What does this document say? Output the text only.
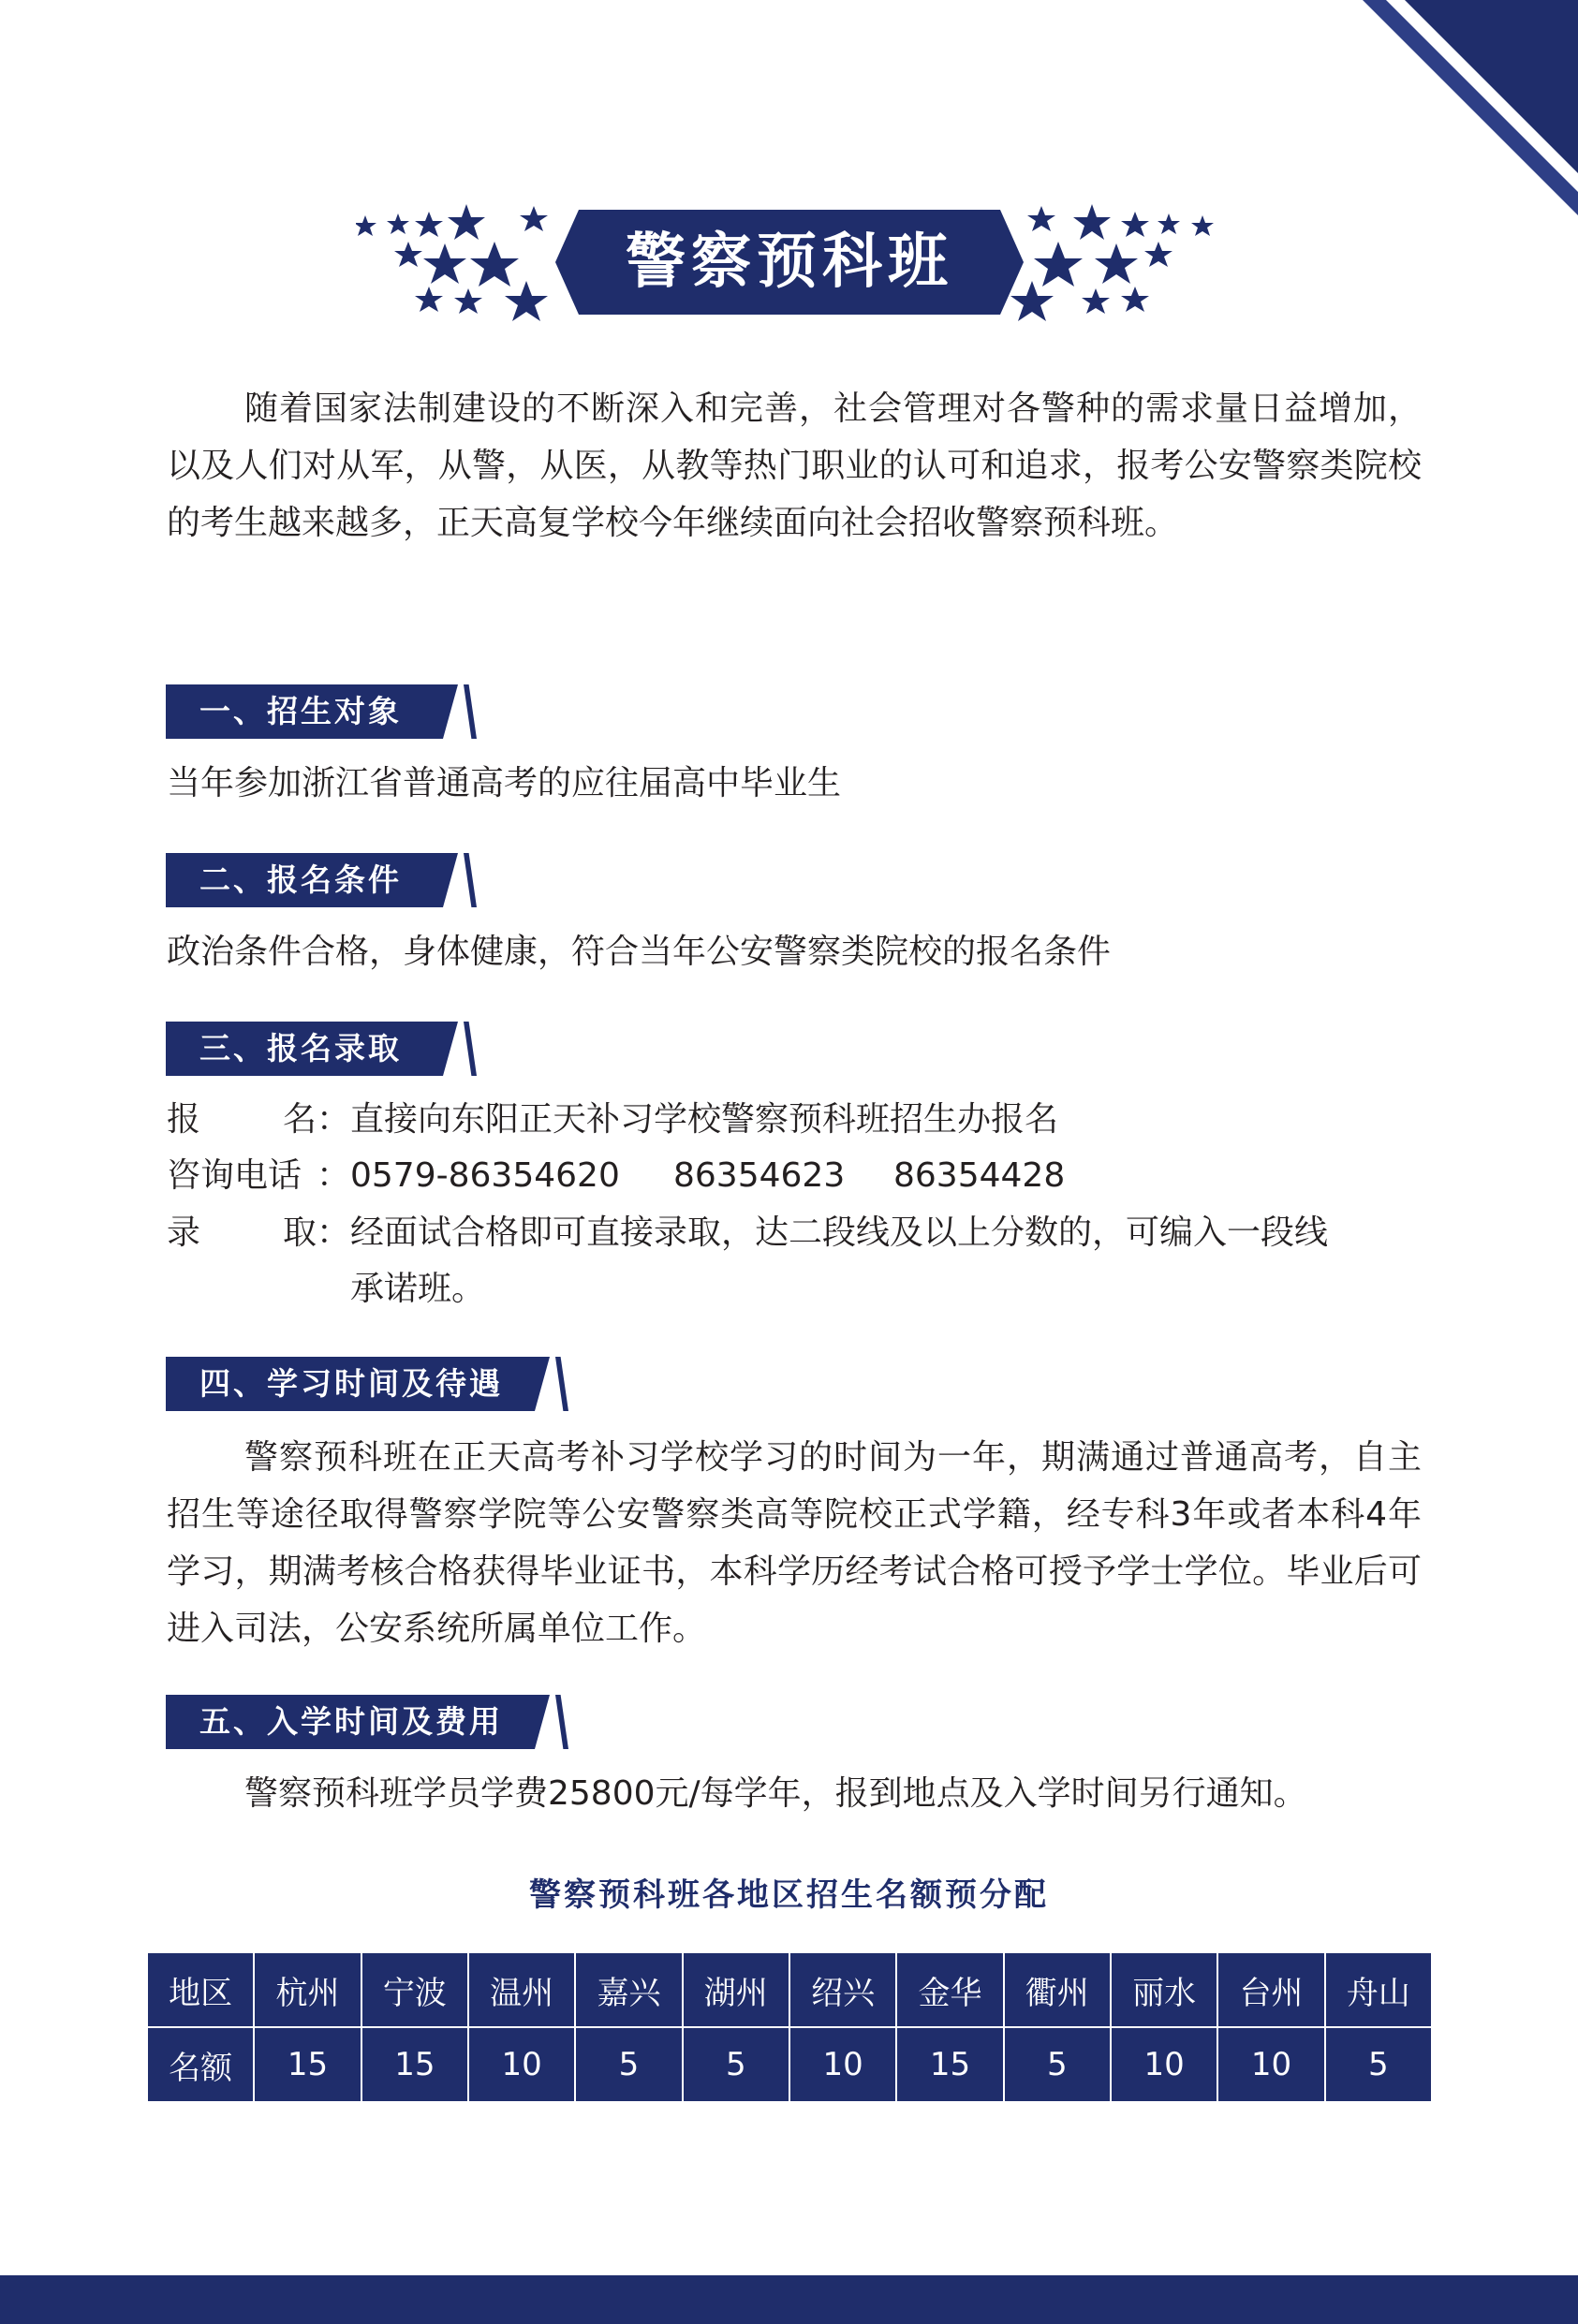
警察预科班

随着国家法制建设的不断深入和完善，社会管理对各警种的需求量日益增加，以及人们对从军，从警，从医，从教等热门职业的认可和追求，报考公安警察类院校的考生越来越多，正天高复学校今年继续面向社会招收警察预科班。

一、招生对象

当年参加浙江省普通高考的应往届高中毕业生

二、报名条件

政治条件合格，身体健康，符合当年公安警察类院校的报名条件

三、报名录取
报 名 ： 直接向东阳正天补习学校警察预科班招生办报名
咨询电话 ： 0579-86354620 86354623 86354428
录 取 ： 经面试合格即可直接录取，达二段线及以上分数的，可编入一段线
承诺班。
四、学习时间及待遇

警察预科班在正天高考补习学校学习的时间为一年，期满通过普通高考，自主招生等途径取得警察学院等公安警察类高等院校正式学籍，经专科3年或者本科4年学习，期满考核合格获得毕业证书，本科学历经考试合格可授予学士学位。毕业后可进入司法，公安系统所属单位工作。

五、入学时间及费用

警察预科班学员学费25800元/每学年，报到地点及入学时间另行通知。

警察预科班各地区招生名额预分配
地区	杭州	宁波	温州	嘉兴	湖州	绍兴	金华	衢州	丽水	台州	舟山
名额	15	15	10	5	5	10	15	5	10	10	5
